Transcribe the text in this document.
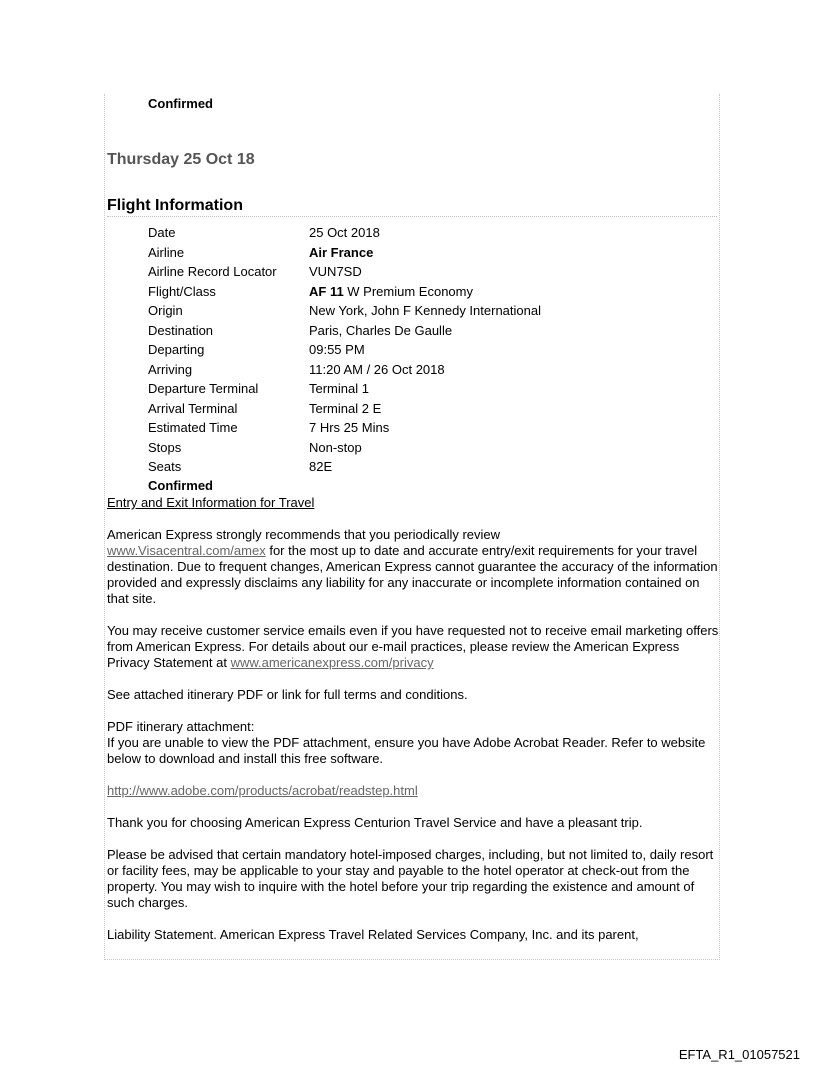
Confirmed
Thursday 25 Oct 18
Flight Information
Date	25 Oct 2018
Airline	Air France
Airline Record Locator	VUN7SD
Flight/Class	AF 11 W Premium Economy
Origin	New York, John F Kennedy International
Destination	Paris, Charles De Gaulle
Departing	09:55 PM
Arriving	11:20 AM / 26 Oct 2018
Departure Terminal	Terminal 1
Arrival Terminal	Terminal 2 E
Estimated Time	7 Hrs 25 Mins
Stops	Non-stop
Seats	82E
Confirmed

Entry and Exit Information for Travel

American Express strongly recommends that you periodically review
www.Visacentral.com/amex for the most up to date and accurate entry/exit requirements for your travel destination. Due to frequent changes, American Express cannot guarantee the accuracy of the information provided and expressly disclaims any liability for any inaccurate or incomplete information contained on that site.

You may receive customer service emails even if you have requested not to receive email marketing offers from American Express. For details about our e-mail practices, please review the American Express Privacy Statement at www.americanexpress.com/privacy

See attached itinerary PDF or link for full terms and conditions.

PDF itinerary attachment:
If you are unable to view the PDF attachment, ensure you have Adobe Acrobat Reader. Refer to website below to download and install this free software.

http://www.adobe.com/products/acrobat/readstep.html

Thank you for choosing American Express Centurion Travel Service and have a pleasant trip.

Please be advised that certain mandatory hotel-imposed charges, including, but not limited to, daily resort or facility fees, may be applicable to your stay and payable to the hotel operator at check-out from the property. You may wish to inquire with the hotel before your trip regarding the existence and amount of such charges.

Liability Statement. American Express Travel Related Services Company, Inc. and its parent,

EFTA_R1_01057521
